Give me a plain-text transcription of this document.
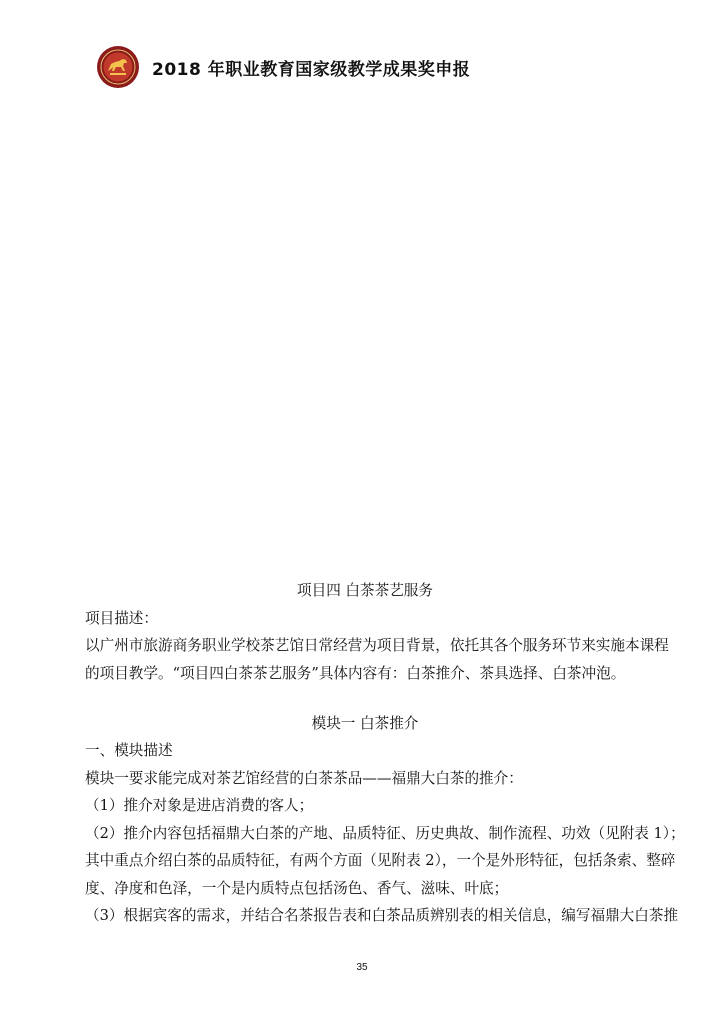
2018 年职业教育国家级教学成果奖申报
项目四 白茶茶艺服务
项目描述：
以广州市旅游商务职业学校茶艺馆日常经营为项目背景，依托其各个服务环节来实施本课程
的项目教学。“项目四白茶茶艺服务”具体内容有：白茶推介、茶具选择、白茶冲泡。
模块一 白茶推介
一、模块描述
模块一要求能完成对茶艺馆经营的白茶茶品——福鼎大白茶的推介：
（1）推介对象是进店消费的客人；
（2）推介内容包括福鼎大白茶的产地、品质特征、历史典故、制作流程、功效（见附表 1）；
其中重点介绍白茶的品质特征，有两个方面（见附表 2），一个是外形特征，包括条索、整碎
度、净度和色泽，一个是内质特点包括汤色、香气、滋味、叶底；
（3）根据宾客的需求，并结合名茶报告表和白茶品质辨别表的相关信息，编写福鼎大白茶推
35
